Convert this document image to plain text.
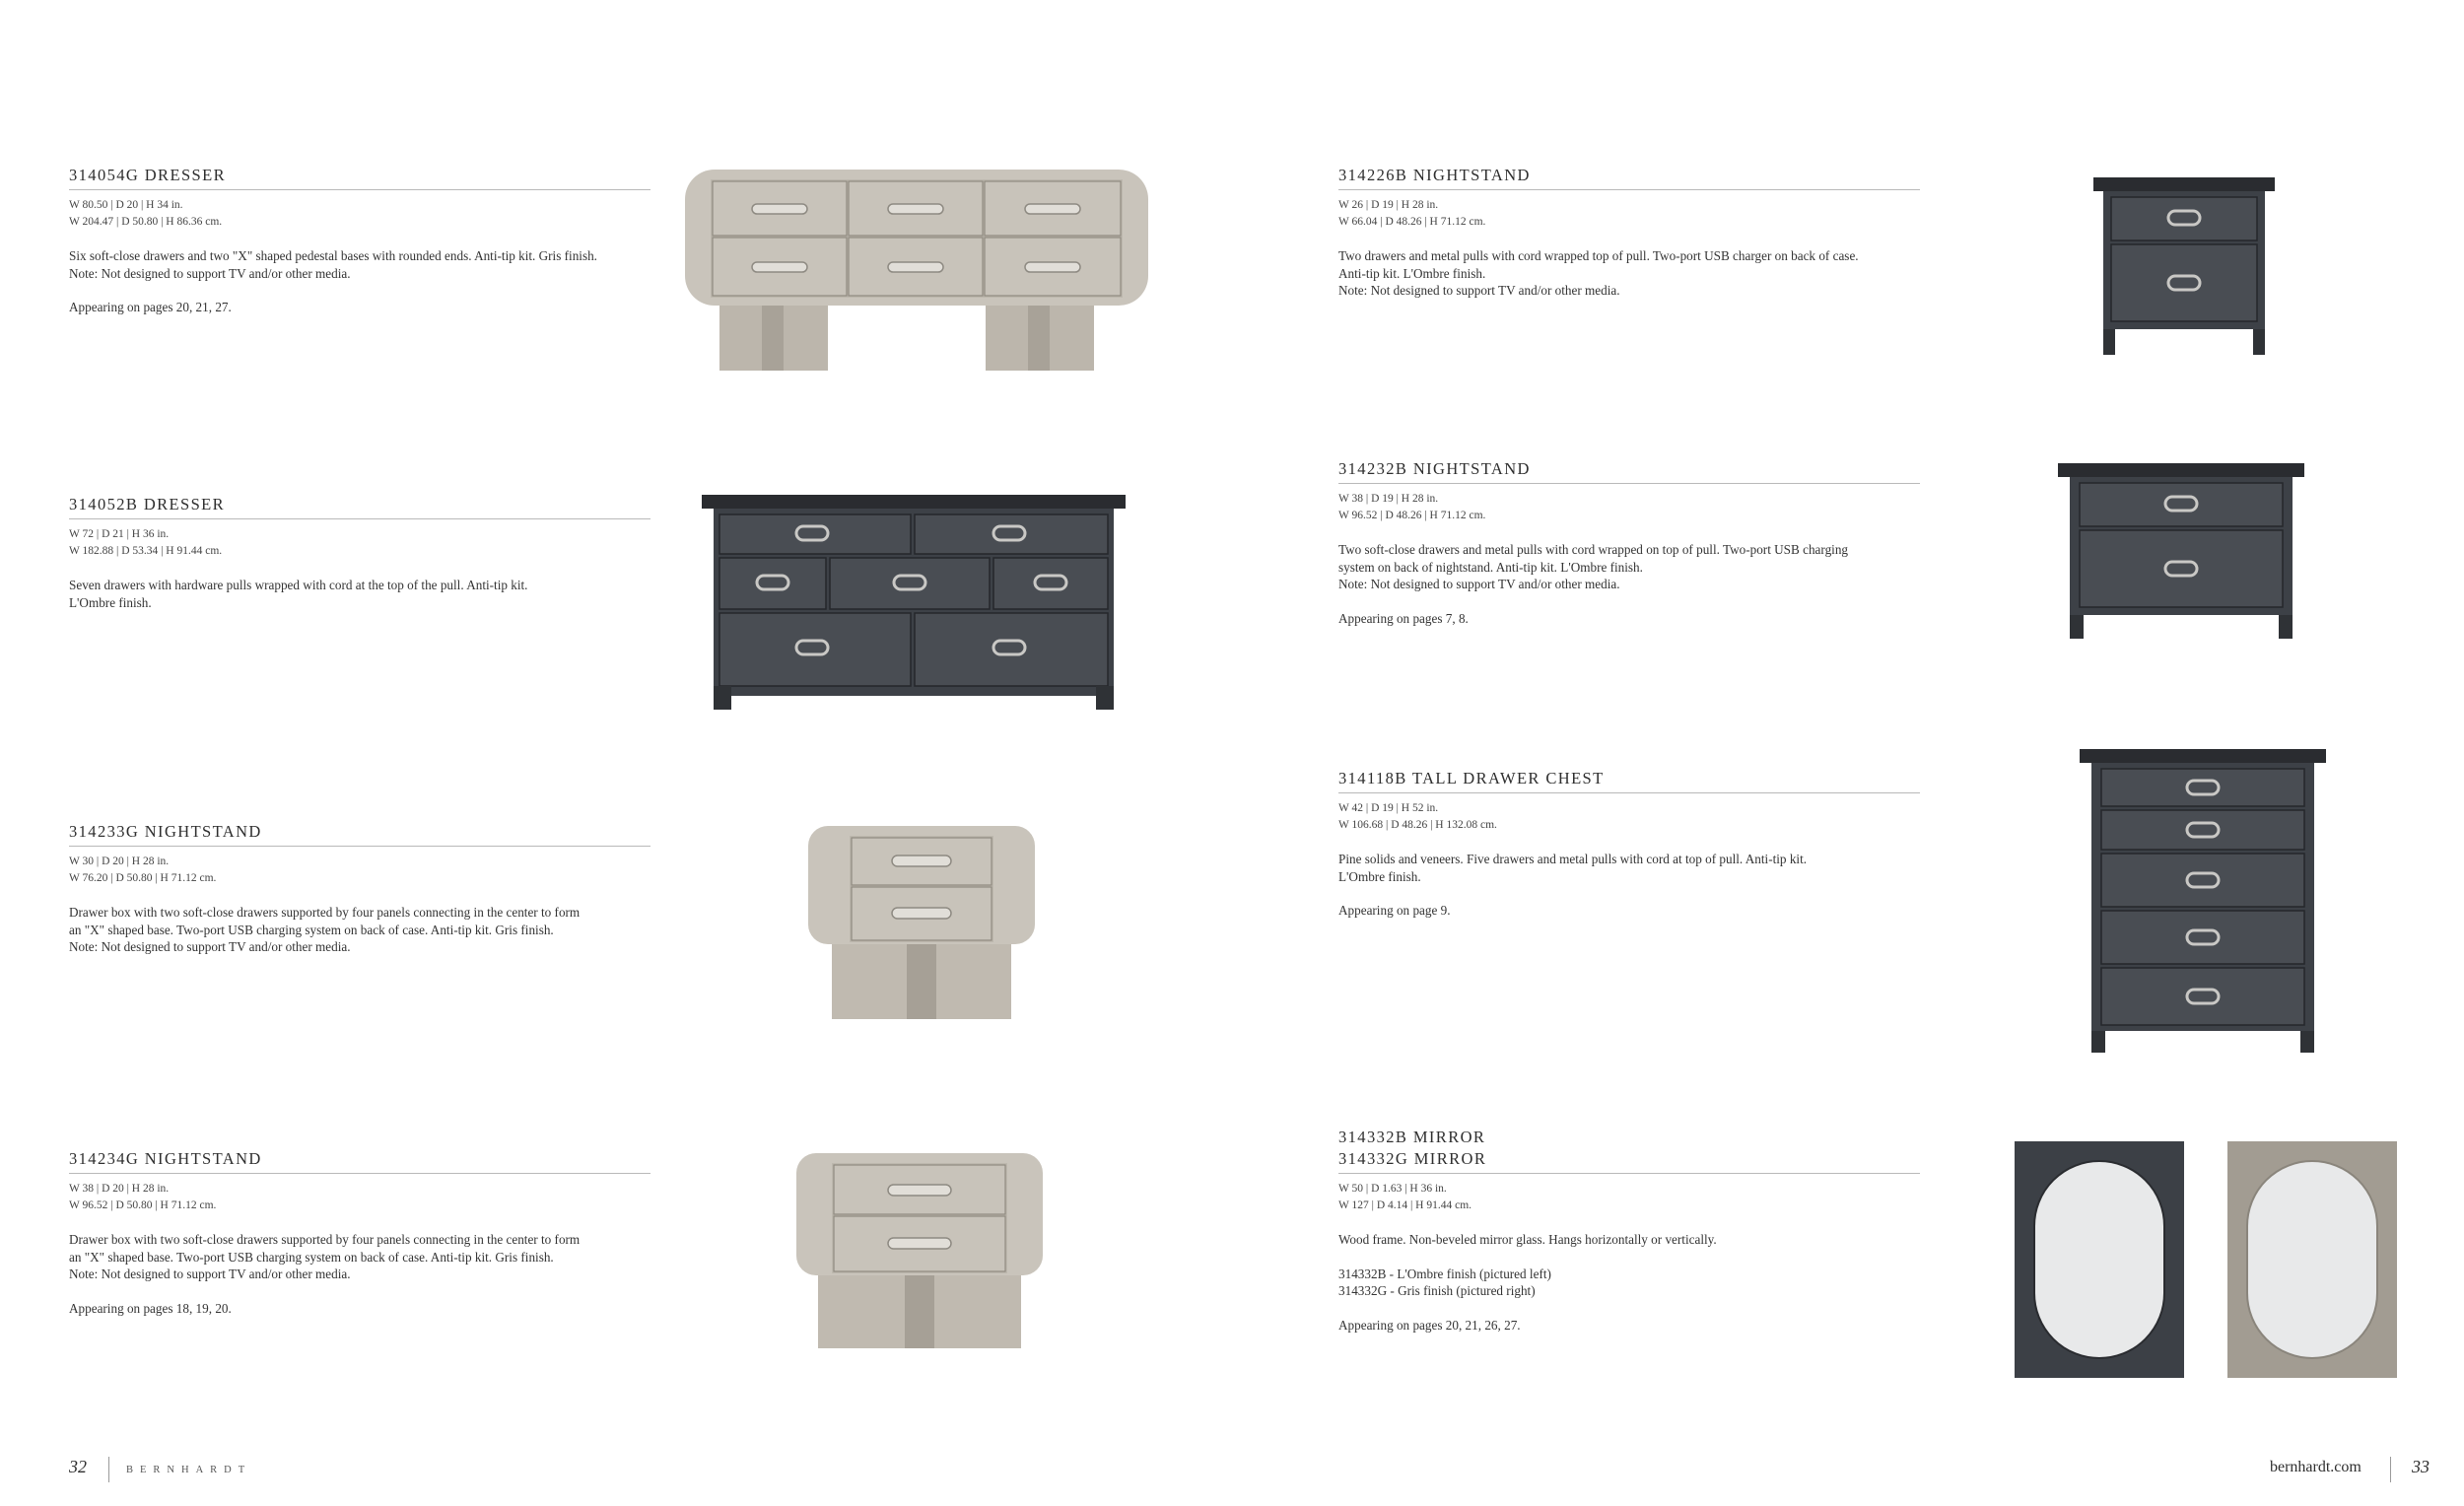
314054G DRESSER
W 80.50 | D 20 | H 34 in.
W 204.47 | D 50.80 | H 86.36 cm.
Six soft-close drawers and two "X" shaped pedestal bases with rounded ends. Anti-tip kit. Gris finish.
Note: Not designed to support TV and/or other media.
Appearing on pages 20, 21, 27.
314052B DRESSER
W 72 | D 21 | H 36 in.
W 182.88 | D 53.34 | H 91.44 cm.
Seven drawers with hardware pulls wrapped with cord at the top of the pull. Anti-tip kit.
L'Ombre finish.
314233G NIGHTSTAND
W 30 | D 20 | H 28 in.
W 76.20 | D 50.80 | H 71.12 cm.
Drawer box with two soft-close drawers supported by four panels connecting in the center to form
an "X" shaped base. Two-port USB charging system on back of case. Anti-tip kit. Gris finish.
Note: Not designed to support TV and/or other media.
314234G NIGHTSTAND
W 38 | D 20 | H 28 in.
W 96.52 | D 50.80 | H 71.12 cm.
Drawer box with two soft-close drawers supported by four panels connecting in the center to form
an "X" shaped base. Two-port USB charging system on back of case. Anti-tip kit. Gris finish.
Note: Not designed to support TV and/or other media.
Appearing on pages 18, 19, 20.
314226B NIGHTSTAND
W 26 | D 19 | H 28 in.
W 66.04 | D 48.26 | H 71.12 cm.
Two drawers and metal pulls with cord wrapped top of pull. Two-port USB charger on back of case.
Anti-tip kit. L'Ombre finish.
Note: Not designed to support TV and/or other media.
314232B NIGHTSTAND
W 38 | D 19 | H 28 in.
W 96.52 | D 48.26 | H 71.12 cm.
Two soft-close drawers and metal pulls with cord wrapped on top of pull. Two-port USB charging
system on back of nightstand. Anti-tip kit. L'Ombre finish.
Note: Not designed to support TV and/or other media.
Appearing on pages 7, 8.
314118B TALL DRAWER CHEST
W 42 | D 19 | H 52 in.
W 106.68 | D 48.26 | H 132.08 cm.
Pine solids and veneers. Five drawers and metal pulls with cord at top of pull. Anti-tip kit.
L'Ombre finish.
Appearing on page 9.
314332B MIRROR
314332G MIRROR
W 50 | D 1.63 | H 36 in.
W 127 | D 4.14 | H 91.44 cm.
Wood frame. Non-beveled mirror glass. Hangs horizontally or vertically.
314332B - L'Ombre finish (pictured left)
314332G - Gris finish (pictured right)
Appearing on pages 20, 21, 26, 27.
32	BERNHARDT	bernhardt.com	33
